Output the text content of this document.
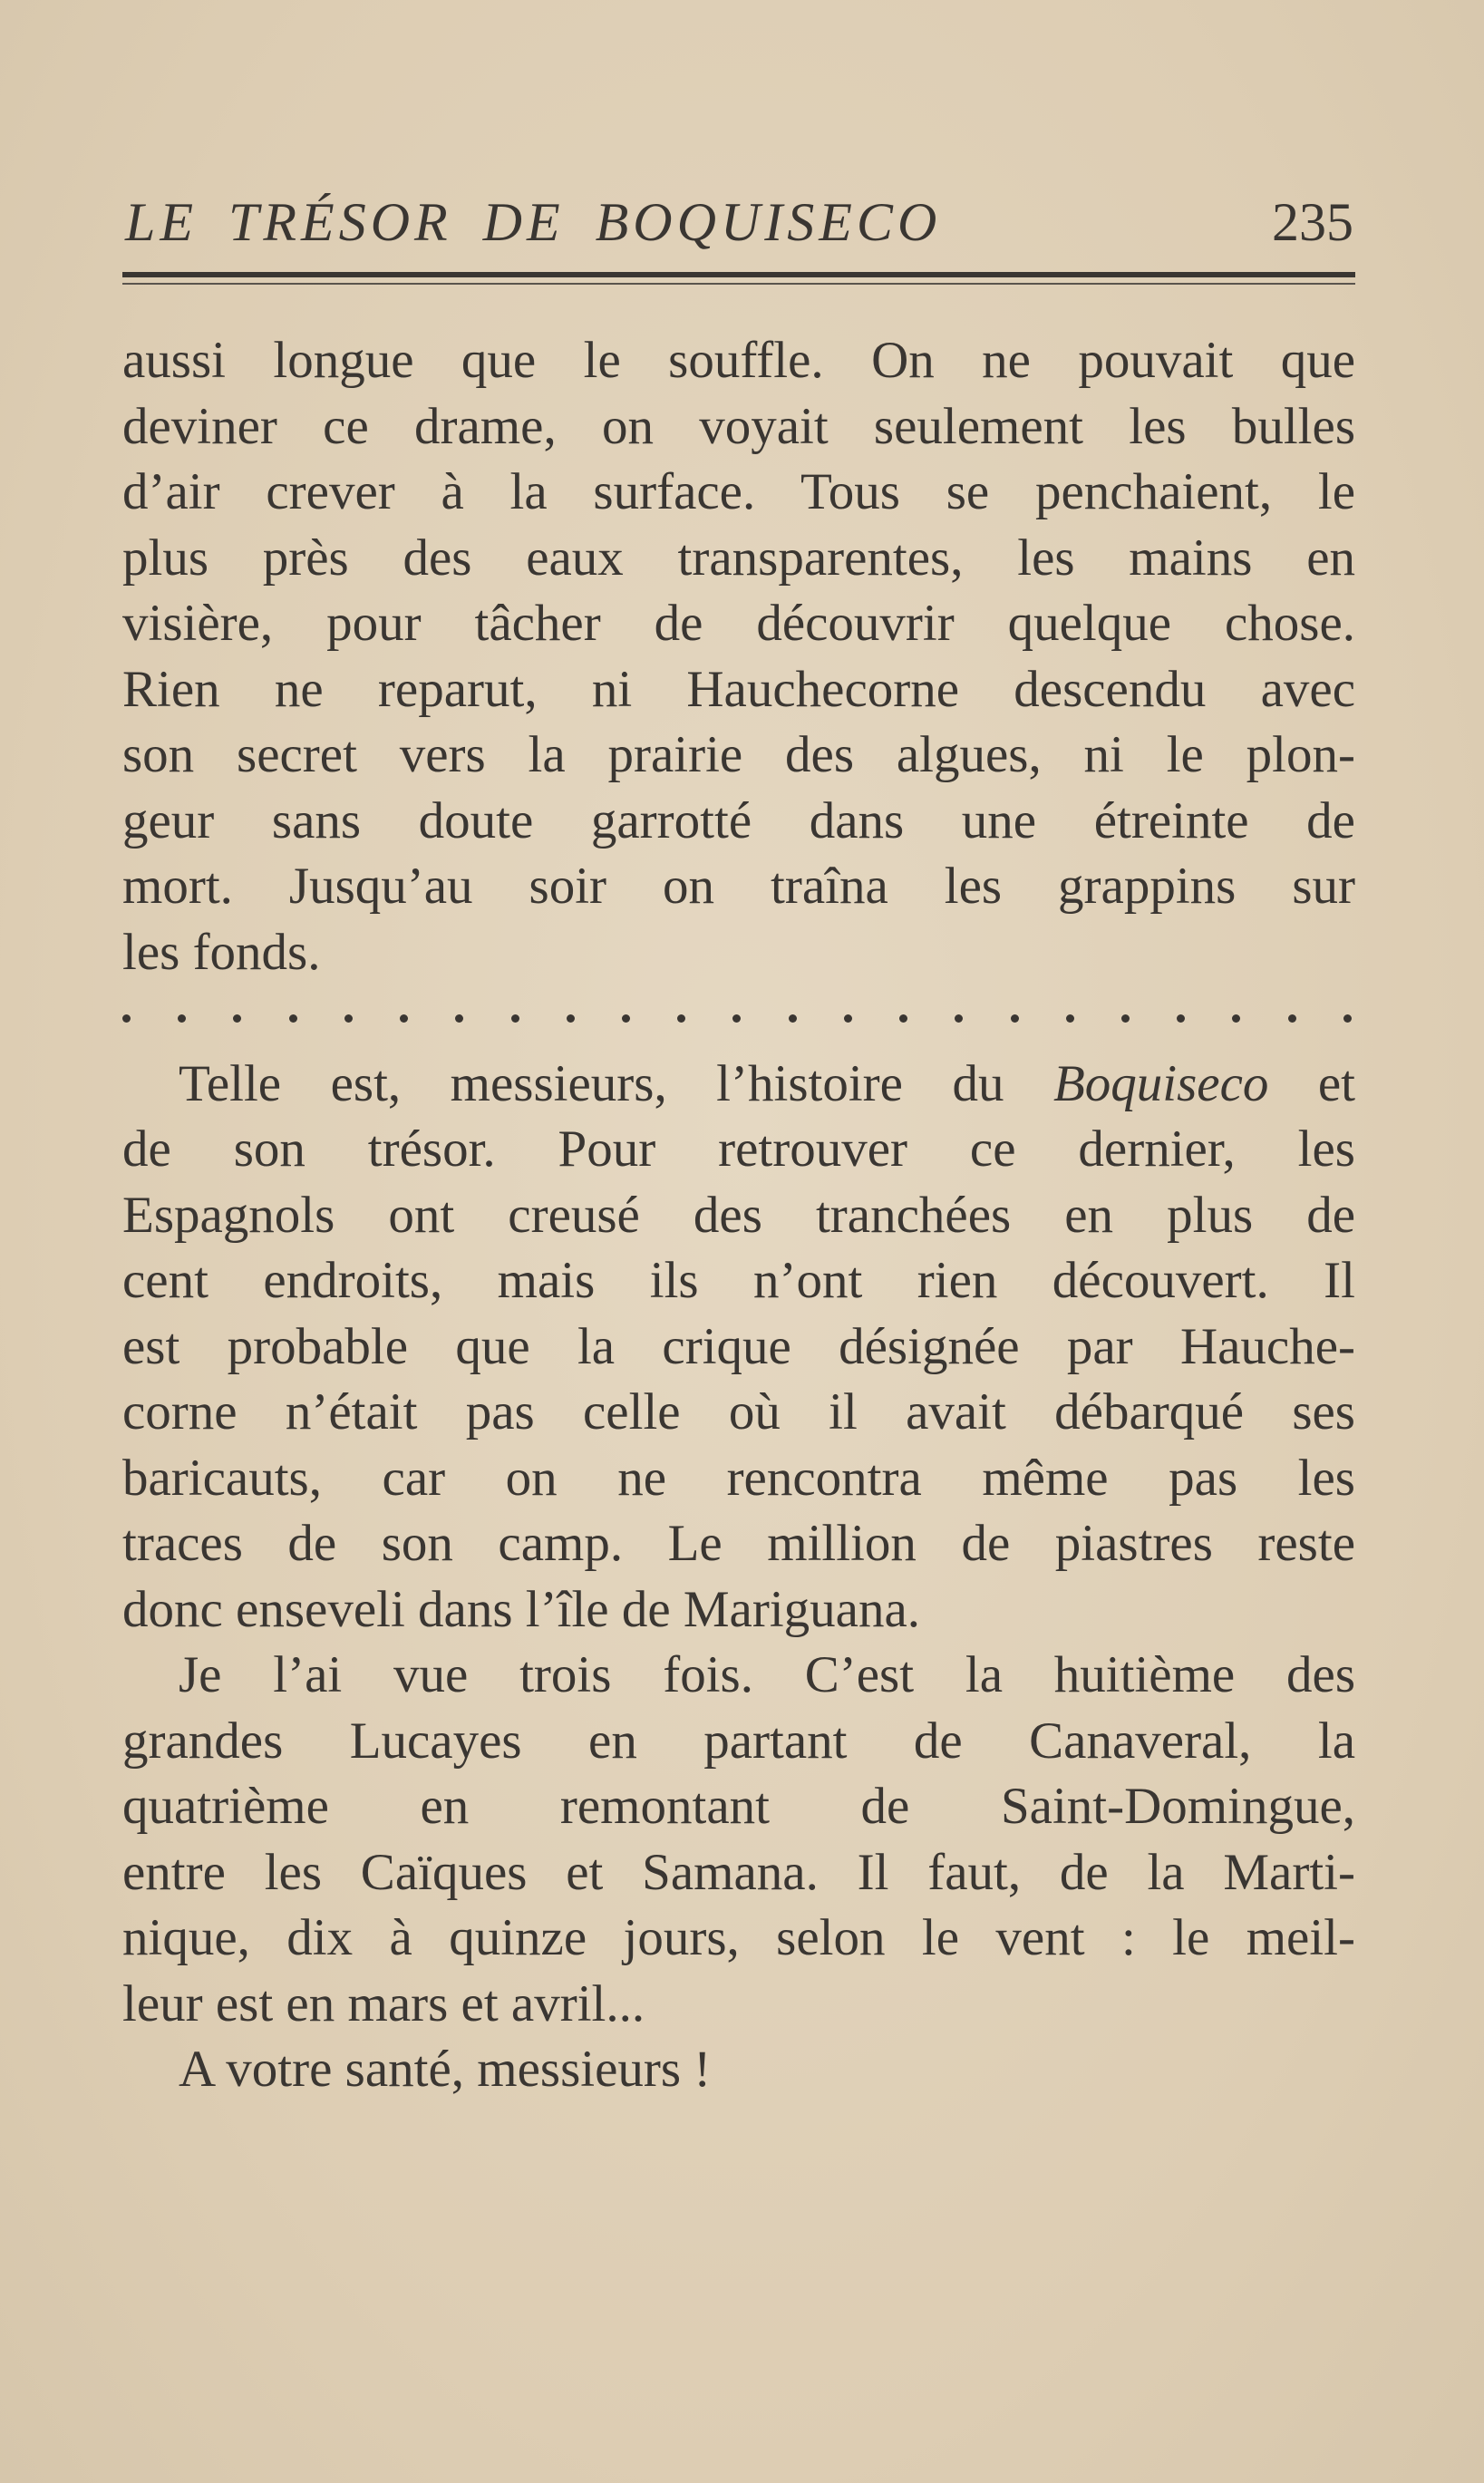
LE TRÉSOR DE BOQUISECO	235
aussi longue que le souffle. On ne pouvait que
deviner ce drame, on voyait seulement les bulles
d’air crever à la surface. Tous se penchaient, le
plus près des eaux transparentes, les mains en
visière, pour tâcher de découvrir quelque chose.
Rien ne reparut, ni Hauchecorne descendu avec
son secret vers la prairie des algues, ni le plon-
geur sans doute garrotté dans une étreinte de
mort. Jusqu’au soir on traîna les grappins sur
les fonds.
Telle est, messieurs, l’histoire du Boquiseco et
de son trésor. Pour retrouver ce dernier, les
Espagnols ont creusé des tranchées en plus de
cent endroits, mais ils n’ont rien découvert. Il
est probable que la crique désignée par Hauche-
corne n’était pas celle où il avait débarqué ses
baricauts, car on ne rencontra même pas les
traces de son camp. Le million de piastres reste
donc enseveli dans l’île de Mariguana.
Je l’ai vue trois fois. C’est la huitième des
grandes Lucayes en partant de Canaveral, la
quatrième en remontant de Saint-Domingue,
entre les Caïques et Samana. Il faut, de la Marti-
nique, dix à quinze jours, selon le vent : le meil-
leur est en mars et avril...
A votre santé, messieurs !
